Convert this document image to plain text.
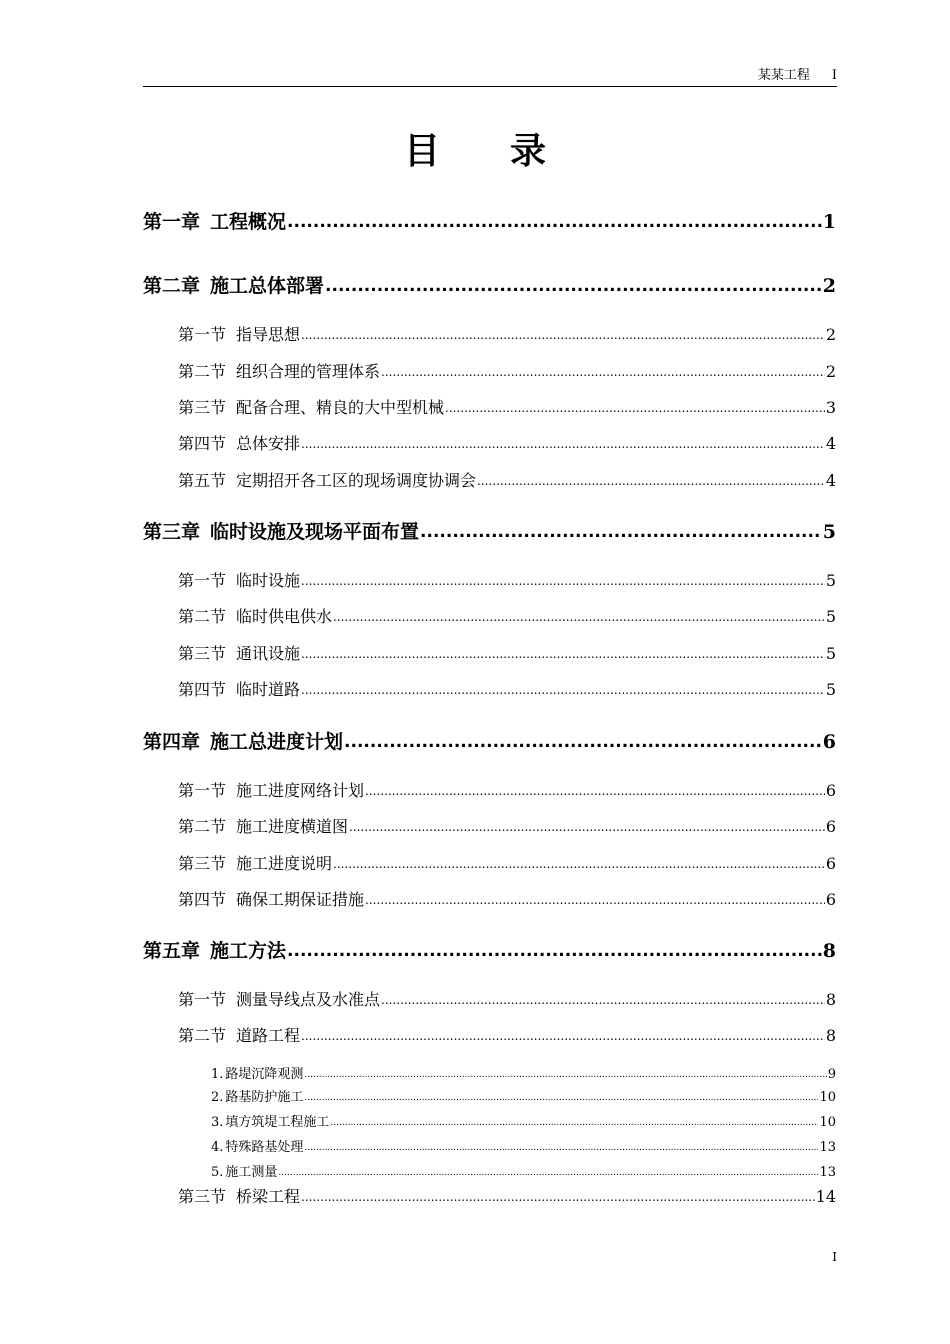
某某工程 I
目录
第一章 工程概况 .....	1
第二章 施工总体部署 .....	2
第一节 指导思想 .....	2
第二节 组织合理的管理体系 .....	2
第三节 配备合理、精良的大中型机械 .....	3
第四节 总体安排 .....	4
第五节 定期招开各工区的现场调度协调会 .....	4
第三章 临时设施及现场平面布置 .....	5
第一节 临时设施 .....	5
第二节 临时供电供水 .....	5
第三节 通讯设施 .....	5
第四节 临时道路 .....	5
第四章 施工总进度计划 .....	6
第一节 施工进度网络计划 .....	6
第二节 施工进度横道图 .....	6
第三节 施工进度说明 .....	6
第四节 确保工期保证措施 .....	6
第五章 施工方法 .....	8
第一节 测量导线点及水准点 .....	8
第二节 道路工程 .....	8
1. 路堤沉降观测 .....	9
2. 路基防护施工 .....	10
3. 填方筑堤工程施工 .....	10
4. 特殊路基处理 .....	13
5. 施工测量 .....	13
第三节 桥梁工程 .....	14
I
